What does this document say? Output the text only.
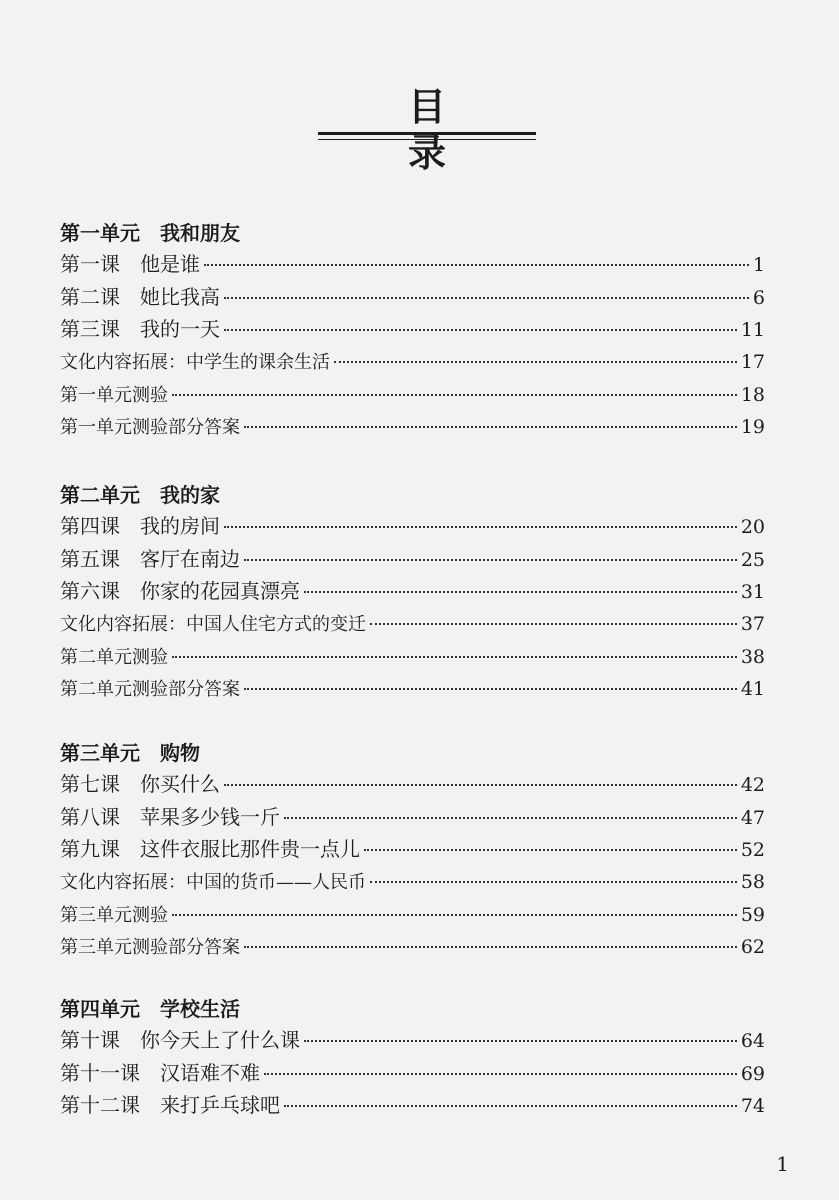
目 录
第一单元　我和朋友
第一课　他是谁	1
第二课　她比我高	6
第三课　我的一天	11
文化内容拓展：中学生的课余生活	17
第一单元测验	18
第一单元测验部分答案	19
第二单元　我的家
第四课　我的房间	20
第五课　客厅在南边	25
第六课　你家的花园真漂亮	31
文化内容拓展：中国人住宅方式的变迁	37
第二单元测验	38
第二单元测验部分答案	41
第三单元　购物
第七课　你买什么	42
第八课　苹果多少钱一斤	47
第九课　这件衣服比那件贵一点儿	52
文化内容拓展：中国的货币——人民币	58
第三单元测验	59
第三单元测验部分答案	62
第四单元　学校生活
第十课　你今天上了什么课	64
第十一课　汉语难不难	69
第十二课　来打乒乓球吧	74
1
